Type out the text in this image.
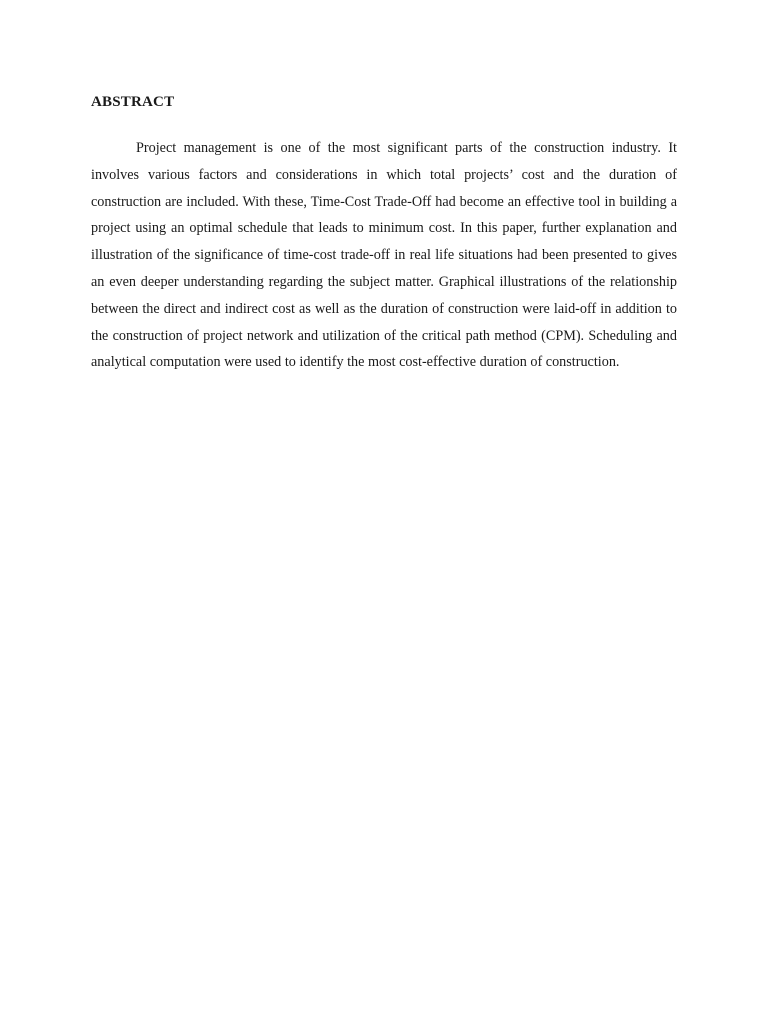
ABSTRACT

Project management is one of the most significant parts of the construction industry. It involves various factors and considerations in which total projects’ cost and the duration of construction are included. With these, Time-Cost Trade-Off had become an effective tool in building a project using an optimal schedule that leads to minimum cost. In this paper, further explanation and illustration of the significance of time-cost trade-off in real life situations had been presented to gives an even deeper understanding regarding the subject matter. Graphical illustrations of the relationship between the direct and indirect cost as well as the duration of construction were laid-off in addition to the construction of project network and utilization of the critical path method (CPM). Scheduling and analytical computation were used to identify the most cost-effective duration of construction.
